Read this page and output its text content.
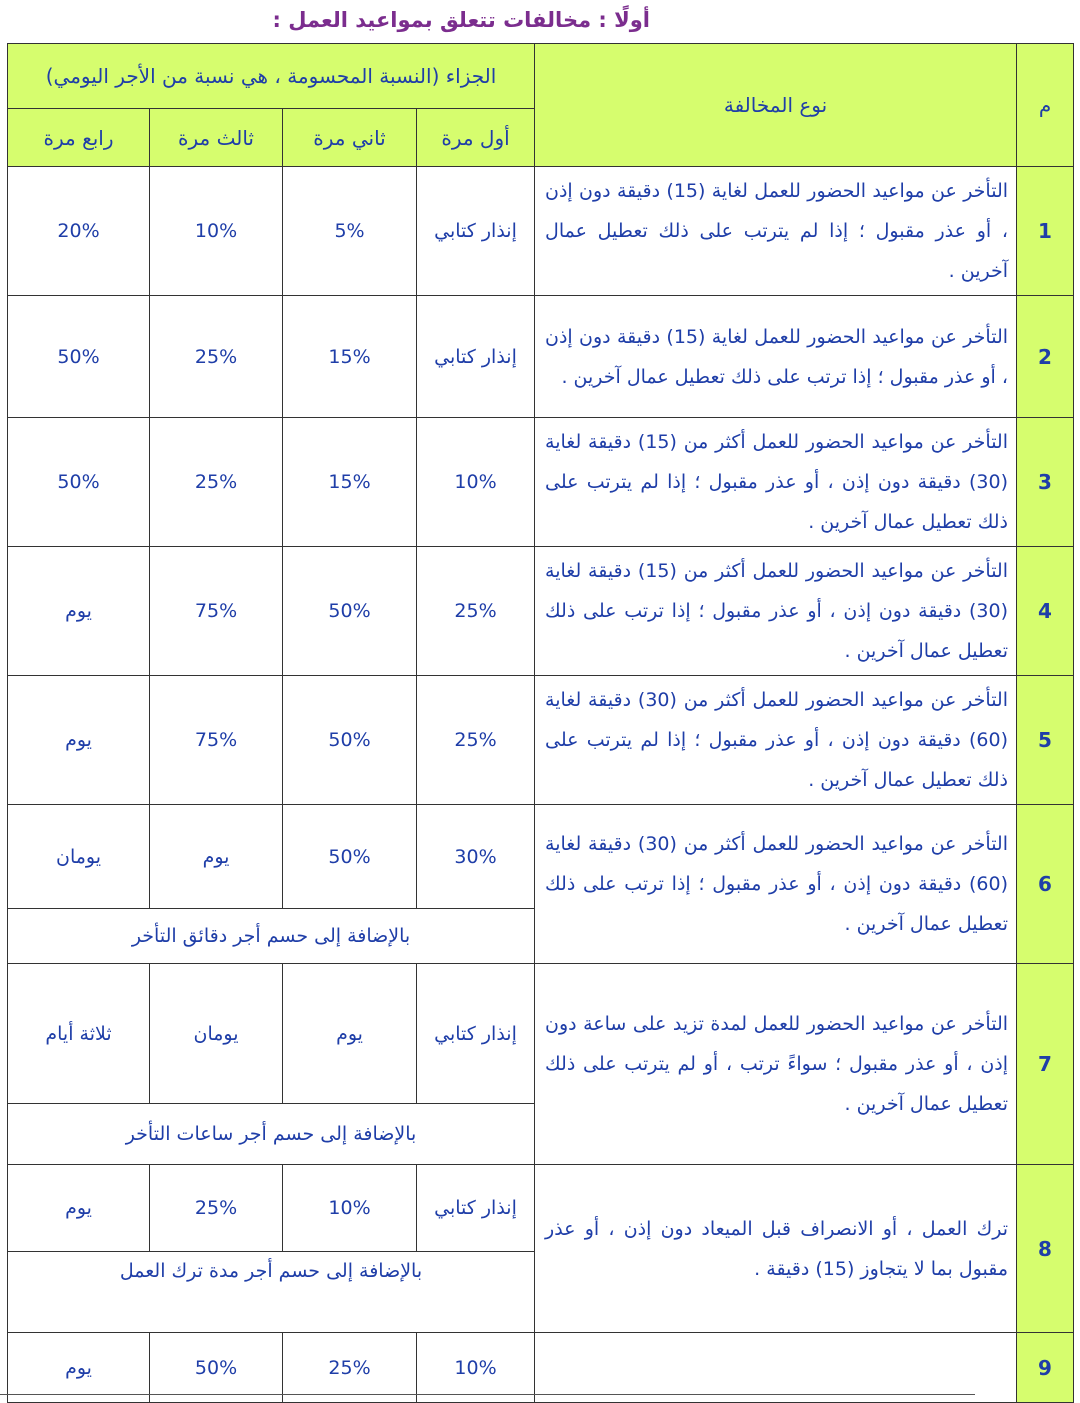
أولًا : مخالفات تتعلق بمواعيد العمل :
م	نوع المخالفة	الجزاء (النسبة المحسومة ، هي نسبة من الأجر اليومي)			
		أول مرة	ثاني مرة	ثالث مرة	رابع مرة
1	التأخر عن مواعيد الحضور للعمل لغاية (15) دقيقة دون إذن ، أو عذر مقبول ؛ إذا لم يترتب على ذلك تعطيل عمال آخرين .	إنذار كتابي	5%	10%	20%
2	التأخر عن مواعيد الحضور للعمل لغاية (15) دقيقة دون إذن ، أو عذر مقبول ؛ إذا ترتب على ذلك تعطيل عمال آخرين .	إنذار كتابي	15%	25%	50%
3	التأخر عن مواعيد الحضور للعمل أكثر من (15) دقيقة لغاية (30) دقيقة دون إذن ، أو عذر مقبول ؛ إذا لم يترتب على ذلك تعطيل عمال آخرين .	10%	15%	25%	50%
4	التأخر عن مواعيد الحضور للعمل أكثر من (15) دقيقة لغاية (30) دقيقة دون إذن ، أو عذر مقبول ؛ إذا ترتب على ذلك تعطيل عمال آخرين .	25%	50%	75%	يوم
5	التأخر عن مواعيد الحضور للعمل أكثر من (30) دقيقة لغاية (60) دقيقة دون إذن ، أو عذر مقبول ؛ إذا لم يترتب على ذلك تعطيل عمال آخرين .	25%	50%	75%	يوم
6	التأخر عن مواعيد الحضور للعمل أكثر من (30) دقيقة لغاية (60) دقيقة دون إذن ، أو عذر مقبول ؛ إذا ترتب على ذلك تعطيل عمال آخرين .	30%	50%	يوم	يومان
		بالإضافة إلى حسم أجر دقائق التأخر			
7	التأخر عن مواعيد الحضور للعمل لمدة تزيد على ساعة دون إذن ، أو عذر مقبول ؛ سواءً ترتب ، أو لم يترتب على ذلك تعطيل عمال آخرين .	إنذار كتابي	يوم	يومان	ثلاثة أيام
		بالإضافة إلى حسم أجر ساعات التأخر			
8	ترك العمل ، أو الانصراف قبل الميعاد دون إذن ، أو عذر مقبول بما لا يتجاوز (15) دقيقة .	إنذار كتابي	10%	25%	يوم
		بالإضافة إلى حسم أجر مدة ترك العمل			
9		10%	25%	50%	يوم
